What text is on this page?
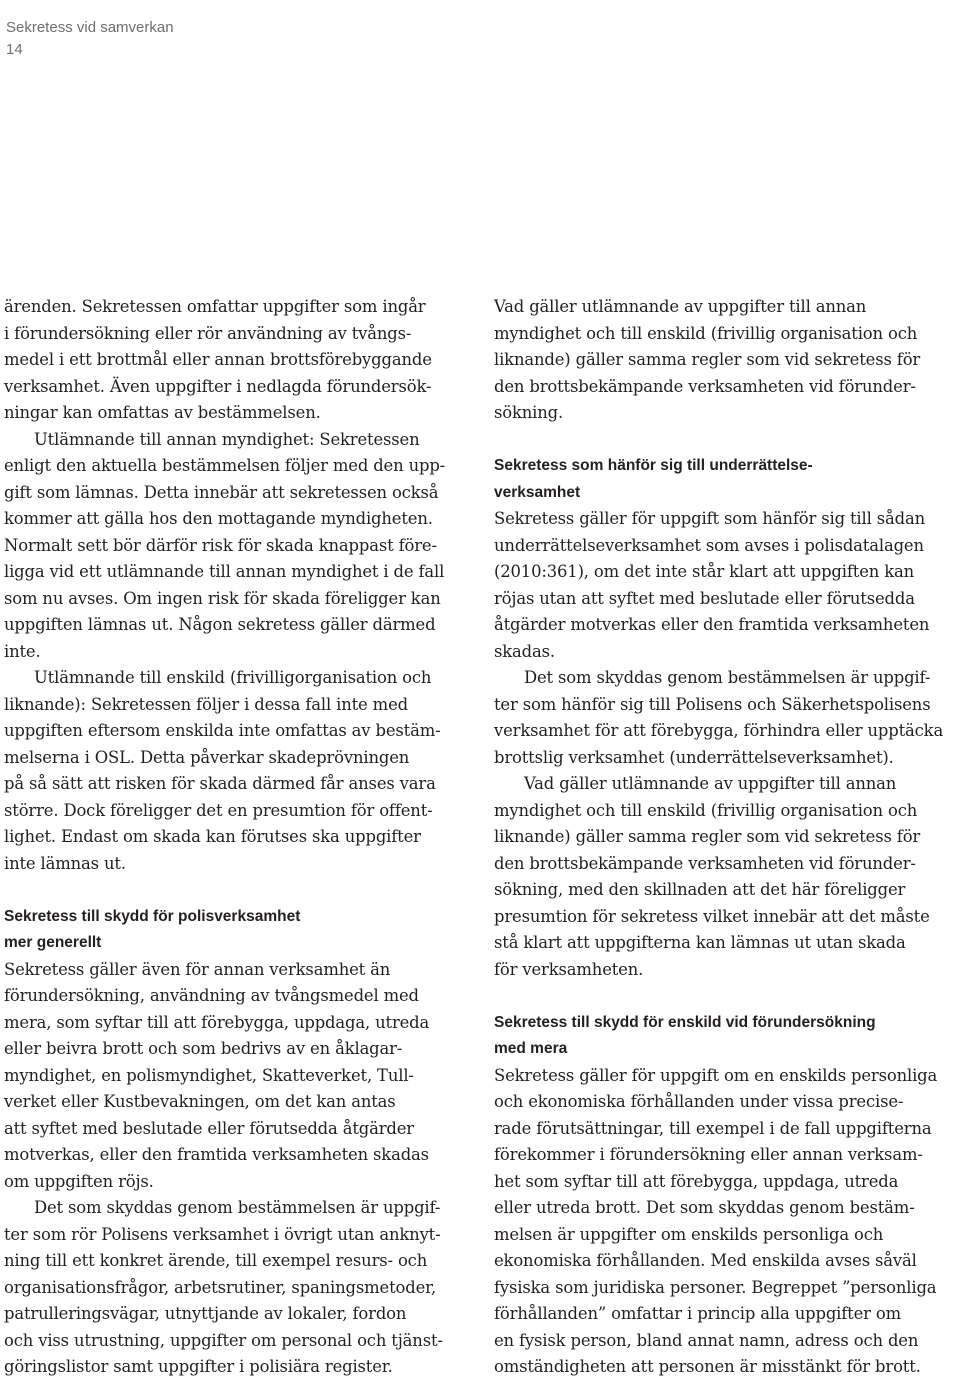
Sekretess vid samverkan
14

ärenden. Sekretessen omfattar uppgifter som ingår
i förundersökning eller rör användning av tvångs-
medel i ett brottmål eller annan brottsförebyggande
verksamhet. Även uppgifter i nedlagda förundersök-
ningar kan omfattas av bestämmelsen.

Utlämnande till annan myndighet: Sekretessen
enligt den aktuella bestämmelsen följer med den upp-
gift som lämnas. Detta innebär att sekretessen också
kommer att gälla hos den mottagande myndigheten.
Normalt sett bör därför risk för skada knappast före-
ligga vid ett utlämnande till annan myndighet i de fall
som nu avses. Om ingen risk för skada föreligger kan
uppgiften lämnas ut. Någon sekretess gäller därmed
inte.

Utlämnande till enskild (frivilligorganisation och
liknande): Sekretessen följer i dessa fall inte med
uppgiften eftersom enskilda inte omfattas av bestäm-
melserna i OSL. Detta påverkar skadeprövningen
på så sätt att risken för skada därmed får anses vara
större. Dock föreligger det en presumtion för offent-
lighet. Endast om skada kan förutses ska uppgifter
inte lämnas ut.

Sekretess till skydd för polisverksamhet
mer generellt

Sekretess gäller även för annan verksamhet än
förundersökning, användning av tvångsmedel med
mera, som syftar till att förebygga, uppdaga, utreda
eller beivra brott och som bedrivs av en åklagar-
myndighet, en polismyndighet, Skatteverket, Tull-
verket eller Kustbevakningen, om det kan antas
att syftet med beslutade eller förutsedda åtgärder
motverkas, eller den framtida verksamheten skadas
om uppgiften röjs.

Det som skyddas genom bestämmelsen är uppgif-
ter som rör Polisens verksamhet i övrigt utan anknyt-
ning till ett konkret ärende, till exempel resurs- och
organisationsfrågor, arbetsrutiner, spaningsmetoder,
patrulleringsvägar, utnyttjande av lokaler, fordon
och viss utrustning, uppgifter om personal och tjänst-
göringslistor samt uppgifter i polisiära register.

Vad gäller utlämnande av uppgifter till annan
myndighet och till enskild (frivillig organisation och
liknande) gäller samma regler som vid sekretess för
den brottsbekämpande verksamheten vid förunder-
sökning.

Sekretess som hänför sig till underrättelse-
verksamhet

Sekretess gäller för uppgift som hänför sig till sådan
underrättelseverksamhet som avses i polisdatalagen
(2010:361), om det inte står klart att uppgiften kan
röjas utan att syftet med beslutade eller förutsedda
åtgärder motverkas eller den framtida verksamheten
skadas.

Det som skyddas genom bestämmelsen är uppgif-
ter som hänför sig till Polisens och Säkerhetspolisens
verksamhet för att förebygga, förhindra eller upptäcka
brottslig verksamhet (underrättelseverksamhet).

Vad gäller utlämnande av uppgifter till annan
myndighet och till enskild (frivillig organisation och
liknande) gäller samma regler som vid sekretess för
den brottsbekämpande verksamheten vid förunder-
sökning, med den skillnaden att det här föreligger
presumtion för sekretess vilket innebär att det måste
stå klart att uppgifterna kan lämnas ut utan skada
för verksamheten.

Sekretess till skydd för enskild vid förundersökning
med mera

Sekretess gäller för uppgift om en enskilds personliga
och ekonomiska förhållanden under vissa precise-
rade förutsättningar, till exempel i de fall uppgifterna
förekommer i förundersökning eller annan verksam-
het som syftar till att förebygga, uppdaga, utreda
eller utreda brott. Det som skyddas genom bestäm-
melsen är uppgifter om enskilds personliga och
ekonomiska förhållanden. Med enskilda avses såväl
fysiska som juridiska personer. Begreppet ”personliga
förhållanden” omfattar i princip alla uppgifter om
en fysisk person, bland annat namn, adress och den
omständigheten att personen är misstänkt för brott.
